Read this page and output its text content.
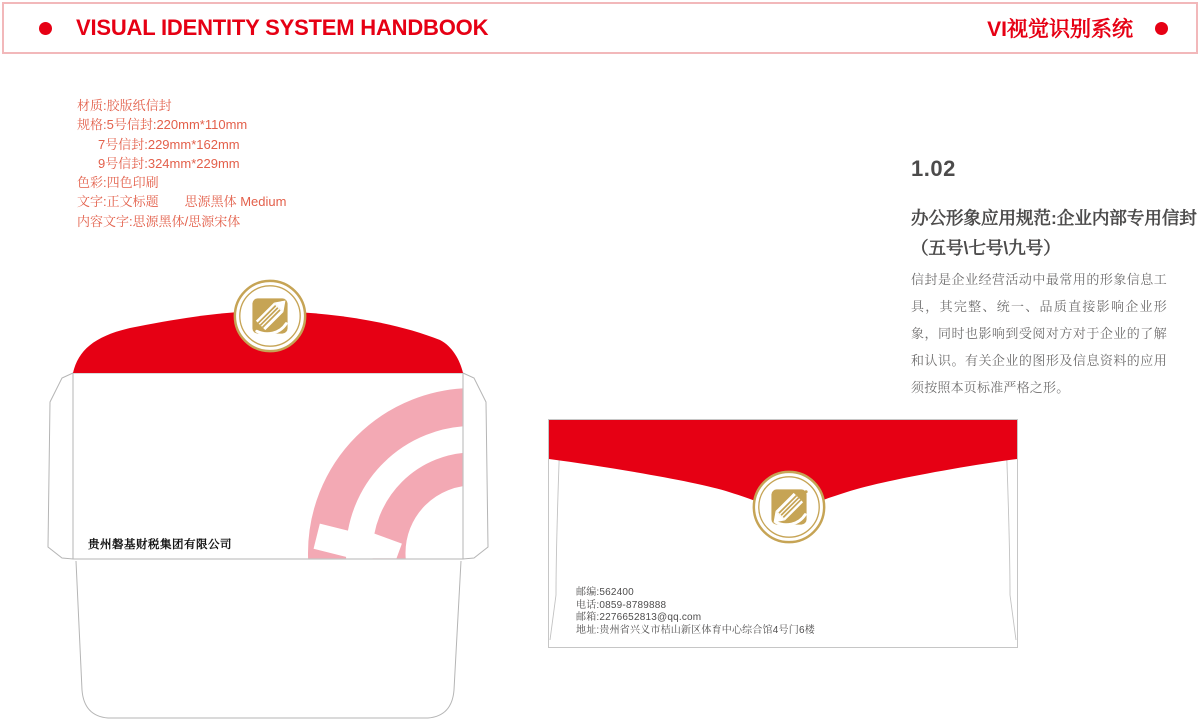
VISUAL IDENTITY SYSTEM HANDBOOK	VI视觉识别系统
材质:胶版纸信封
规格:5号信封:220mm*110mm
7号信封:229mm*162mm
9号信封:324mm*229mm
色彩:四色印刷
文字:正文标题　　思源黑体 Medium
内容文字:思源黑体/思源宋体
1.02
办公形象应用规范:企业内部专用信封
（五号\七号\九号）
信封是企业经营活动中最常用的形象信息工具，其完整、统一、品质直接影响企业形象，同时也影响到受阅对方对于企业的了解和认识。有关企业的图形及信息资料的应用须按照本页标准严格之形。
贵州磐基财税集团有限公司
邮编:562400
电话:0859-8789888
邮箱:2276652813@qq.com
地址:贵州省兴义市桔山新区体育中心综合馆4号门6楼
